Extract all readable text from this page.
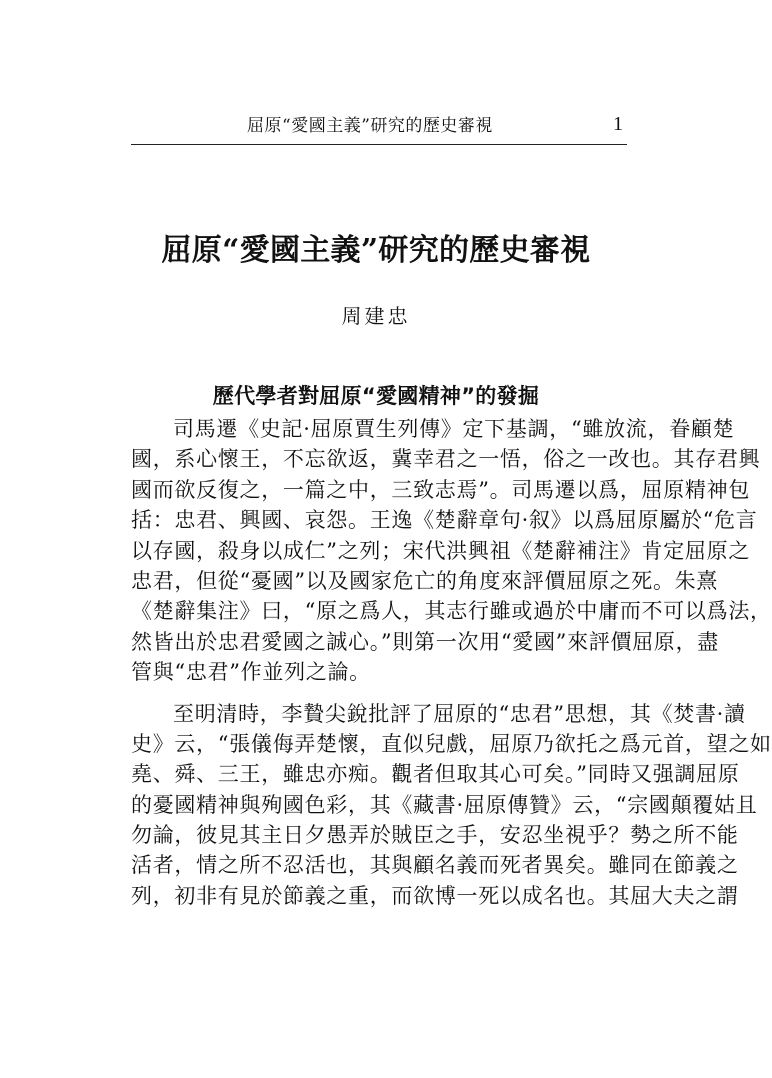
屈原“愛國主義”研究的歷史審視	1
屈原“愛國主義”研究的歷史審視
周建忠
歷代學者對屈原“愛國精神”的發掘
司馬遷《史記·屈原賈生列傳》定下基調，“雖放流，眷顧楚
國，系心懷王，不忘欲返，冀幸君之一悟，俗之一改也。其存君興
國而欲反復之，一篇之中，三致志焉”。司馬遷以爲，屈原精神包
括：忠君、興國、哀怨。王逸《楚辭章句·叙》以爲屈原屬於“危言
以存國，殺身以成仁”之列；宋代洪興祖《楚辭補注》肯定屈原之
忠君，但從“憂國”以及國家危亡的角度來評價屈原之死。朱熹
《楚辭集注》曰，“原之爲人，其志行雖或過於中庸而不可以爲法，
然皆出於忠君愛國之誠心。”則第一次用“愛國”來評價屈原，盡
管與“忠君”作並列之論。
至明清時，李贄尖銳批評了屈原的“忠君”思想，其《焚書·讀
史》云，“張儀侮弄楚懷，直似兒戲，屈原乃欲托之爲元首，望之如
堯、舜、三王，雖忠亦痴。觀者但取其心可矣。”同時又强調屈原
的憂國精神與殉國色彩，其《藏書·屈原傳贊》云，“宗國顛覆姑且
勿論，彼見其主日夕愚弄於賊臣之手，安忍坐視乎？勢之所不能
活者，情之所不忍活也，其與顧名義而死者異矣。雖同在節義之
列，初非有見於節義之重，而欲博一死以成名也。其屈大夫之謂
